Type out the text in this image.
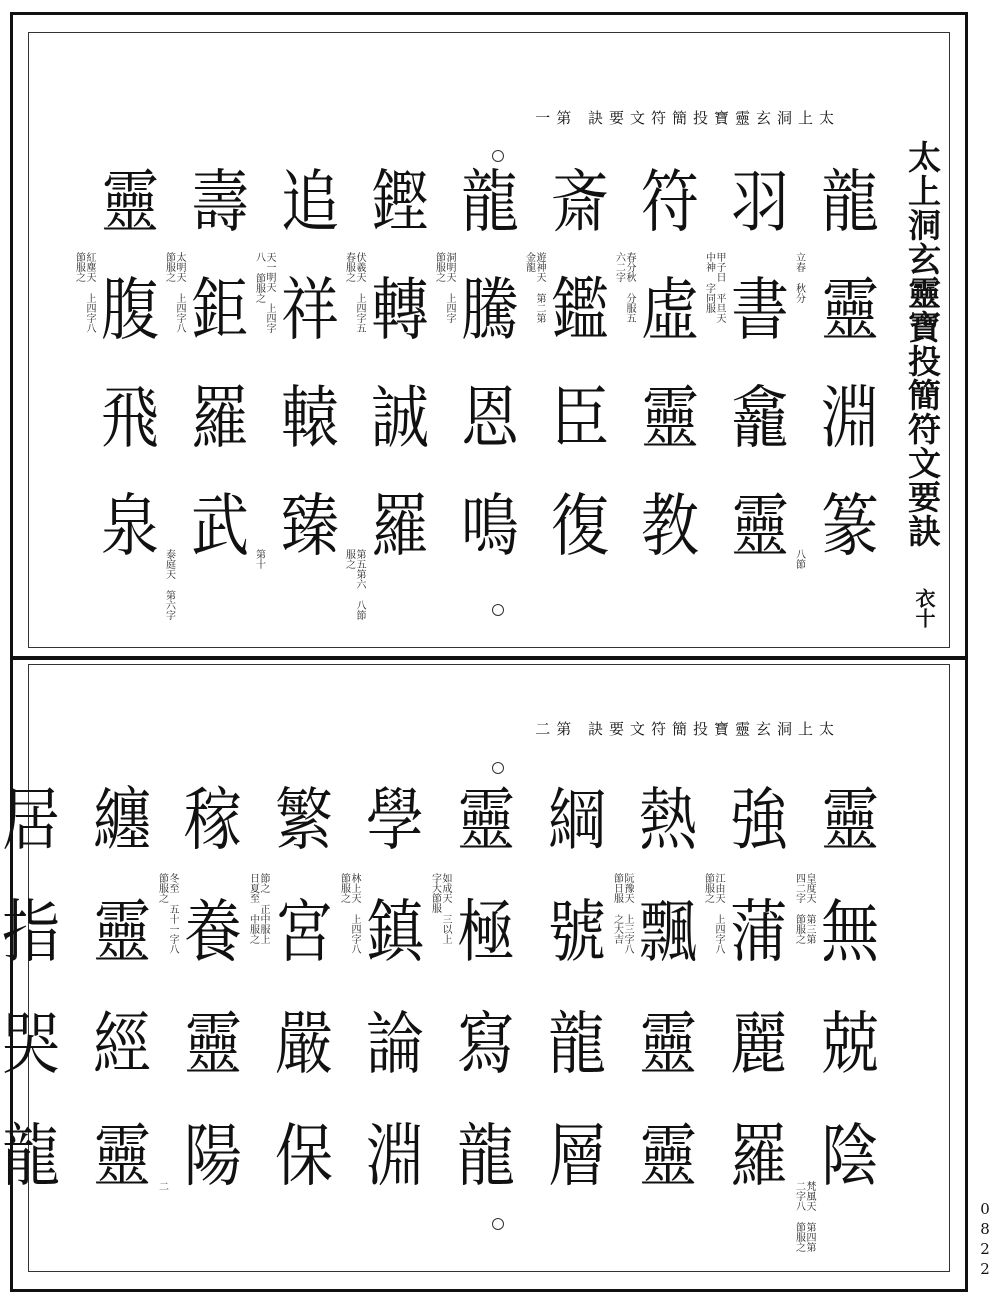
太上洞玄靈寶投簡符文要訣
衣十
太上洞玄靈寶投簡符文要訣 第一
太上洞玄靈寶投簡符文要訣 第二
龍
靈
淵
篆
立春 秋分
八節
羽
書
龕
靈
甲子日 平旦天 中神 字同服
符
虛
靈
教
春分秋 分服五 六二字
斎
鑑
臣
復
遊神天 第二第 金龍
龍
騰
恩
鳴
洞明天 上四字 節服之
鏗
轉
誠
羅
伏羲天 上四字五 春服之
第五第六 八節服之
追
祥
轅
臻
天一明天 上四字八 節服之
第十
壽
鉅
羅
武
太明天 上四字八 節服之
泰庭天 第六字
靈
腹
飛
泉
紅塵天 上四字八 節服之
靈
無
兢
陰
皇度天 第三第 四二字 節服之
梵風天 第四第 二字八 節服之
強
蒲
麗
羅
江由天 上四字八 節服之
熱
飄
靈
靈
阮豫天 上三字八 節日服 之大吉
綱
號
龍
層
靈
極
寫
龍
如成天 三以上 字大節服
學
鎮
論
淵
林上天 上四字八 節服之
繁
宮
嚴
保
節之 正中服上 日夏至 中服之
稼
養
靈
陽
冬至 五十一字八 節服之
二
纏
靈
經
靈
居
指
哭
龍
0822
